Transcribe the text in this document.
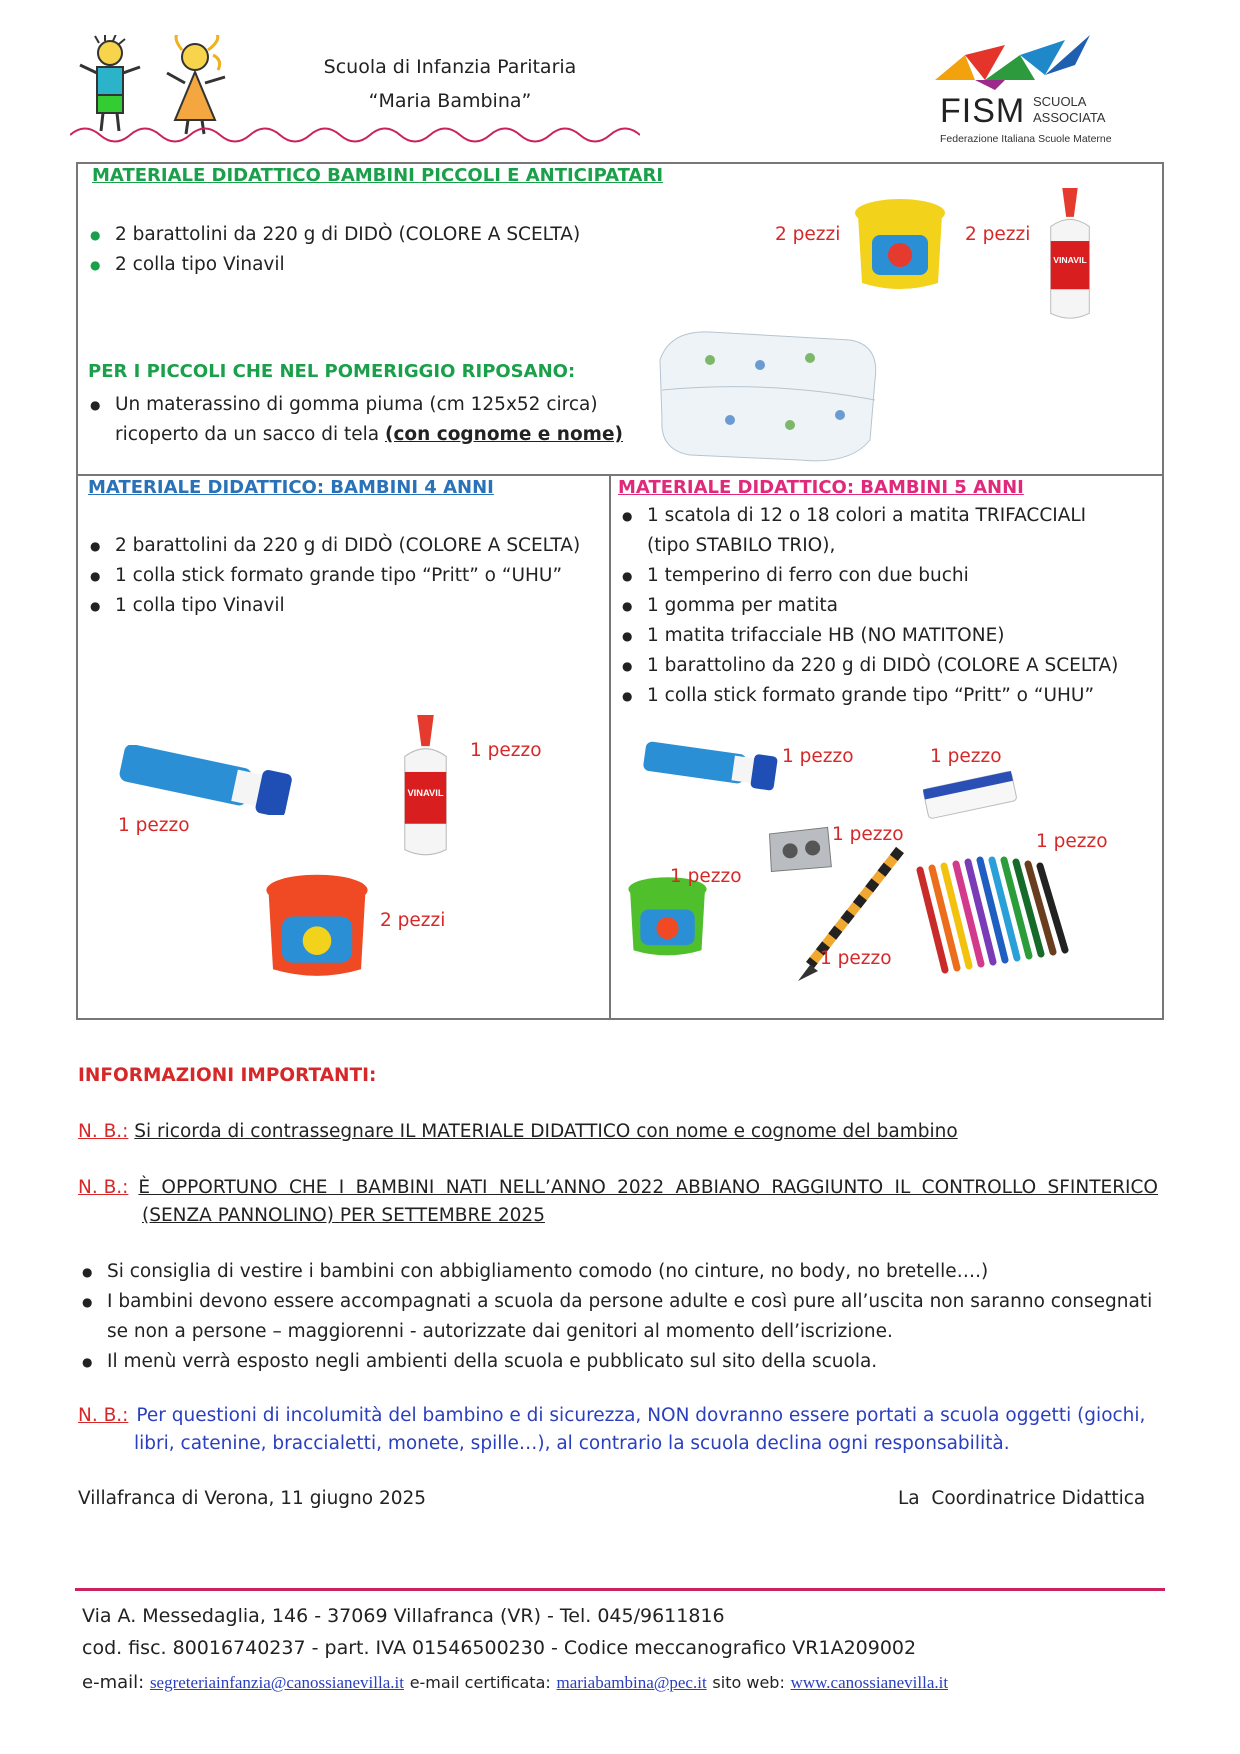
Scuola di Infanzia Paritaria
“Maria Bambina”	FISM SCUOLA
ASSOCIATA
Federazione Italiana Scuole Materne
MATERIALE DIDATTICO BAMBINI PICCOLI E ANTICIPATARI
● 2 barattolini da 220 g di DIDÒ (COLORE A SCELTA)
● 2 colla tipo Vinavil
2 pezzi	2 pezzi
VINAVIL
PER I PICCOLI CHE NEL POMERIGGIO RIPOSANO:
● Un materassino di gomma piuma (cm 125x52 circa)
ricoperto da un sacco di tela (con cognome e nome)
MATERIALE DIDATTICO: BAMBINI 4 ANNI
● 2 barattolini da 220 g di DIDÒ (COLORE A SCELTA)
● 1 colla stick formato grande tipo “Pritt” o “UHU”
● 1 colla tipo Vinavil
1 pezzo
VINAVIL
1 pezzo
2 pezzi
MATERIALE DIDATTICO: BAMBINI 5 ANNI
● 1 scatola di 12 o 18 colori a matita TRIFACCIALI
(tipo STABILO TRIO),
● 1 temperino di ferro con due buchi
● 1 gomma per matita
● 1 matita trifacciale HB (NO MATITONE)
● 1 barattolino da 220 g di DIDÒ (COLORE A SCELTA)
● 1 colla stick formato grande tipo “Pritt” o “UHU”
1 pezzo	1 pezzo
1 pezzo
1 pezzo
1 pezzo
1 pezzo
INFORMAZIONI IMPORTANTI:
N. B.: Si ricorda di contrassegnare IL MATERIALE DIDATTICO con nome e cognome del bambino
N. B.: È OPPORTUNO CHE I BAMBINI NATI NELL’ANNO 2022 ABBIANO RAGGIUNTO IL CONTROLLO SFINTERICO
(SENZA PANNOLINO) PER SETTEMBRE 2025
● Si consiglia di vestire i bambini con abbigliamento comodo (no cinture, no body, no bretelle….)
● I bambini devono essere accompagnati a scuola da persone adulte e così pure all’uscita non saranno consegnati
se non a persone – maggiorenni - autorizzate dai genitori al momento dell’iscrizione.
● Il menù verrà esposto negli ambienti della scuola e pubblicato sul sito della scuola.
N. B.: Per questioni di incolumità del bambino e di sicurezza, NON dovranno essere portati a scuola oggetti (giochi,
libri, catenine, braccialetti, monete, spille…), al contrario la scuola declina ogni responsabilità.
Villafranca di Verona, 11 giugno 2025	La  Coordinatrice Didattica
Via A. Messedaglia, 146 - 37069 Villafranca (VR) - Tel. 045/9611816
cod. fisc. 80016740237 - part. IVA 01546500230 - Codice meccanografico VR1A209002
e-mail: segreteriainfanzia@canossianevilla.it e-mail certificata: mariabambina@pec.it sito web: www.canossianevilla.it
